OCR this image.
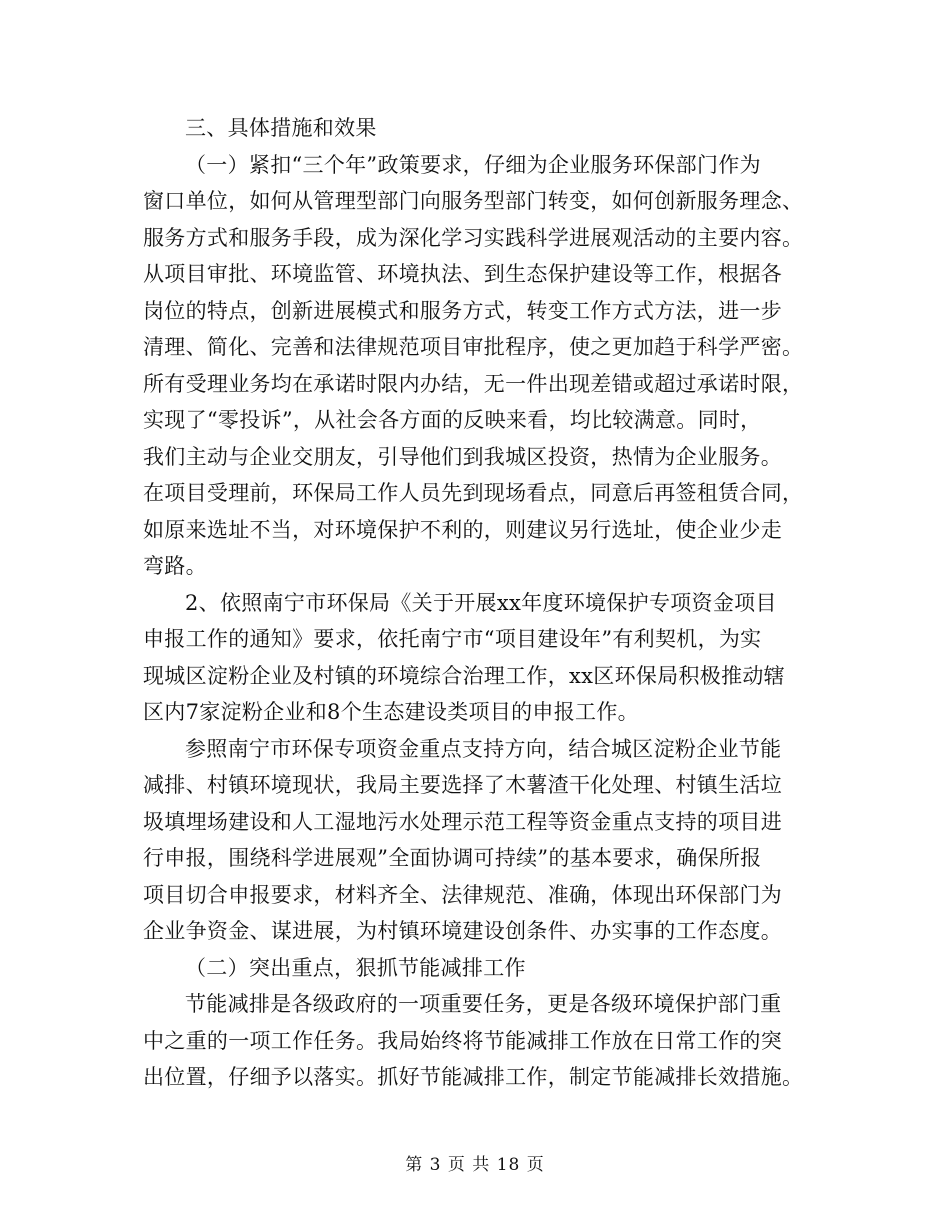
三、具体措施和效果
（一）紧扣“三个年”政策要求，仔细为企业服务环保部门作为
窗口单位，如何从管理型部门向服务型部门转变，如何创新服务理念、
服务方式和服务手段，成为深化学习实践科学进展观活动的主要内容。
从项目审批、环境监管、环境执法、到生态保护建设等工作，根据各
岗位的特点，创新进展模式和服务方式，转变工作方式方法，进一步
清理、简化、完善和法律规范项目审批程序，使之更加趋于科学严密。
所有受理业务均在承诺时限内办结，无一件出现差错或超过承诺时限，
实现了“零投诉”，从社会各方面的反映来看，均比较满意。同时，
我们主动与企业交朋友，引导他们到我城区投资，热情为企业服务。
在项目受理前，环保局工作人员先到现场看点，同意后再签租赁合同，
如原来选址不当，对环境保护不利的，则建议另行选址，使企业少走
弯路。
2、依照南宁市环保局《关于开展xx年度环境保护专项资金项目
申报工作的通知》要求，依托南宁市“项目建设年”有利契机，为实
现城区淀粉企业及村镇的环境综合治理工作，xx区环保局积极推动辖
区内7家淀粉企业和8个生态建设类项目的申报工作。
参照南宁市环保专项资金重点支持方向，结合城区淀粉企业节能
减排、村镇环境现状，我局主要选择了木薯渣干化处理、村镇生活垃
圾填埋场建设和人工湿地污水处理示范工程等资金重点支持的项目进
行申报，围绕科学进展观”全面协调可持续”的基本要求，确保所报
项目切合申报要求，材料齐全、法律规范、准确，体现出环保部门为
企业争资金、谋进展，为村镇环境建设创条件、办实事的工作态度。
（二）突出重点，狠抓节能减排工作
节能减排是各级政府的一项重要任务，更是各级环境保护部门重
中之重的一项工作任务。我局始终将节能减排工作放在日常工作的突
出位置，仔细予以落实。抓好节能减排工作，制定节能减排长效措施。
第 3 页 共 18 页
